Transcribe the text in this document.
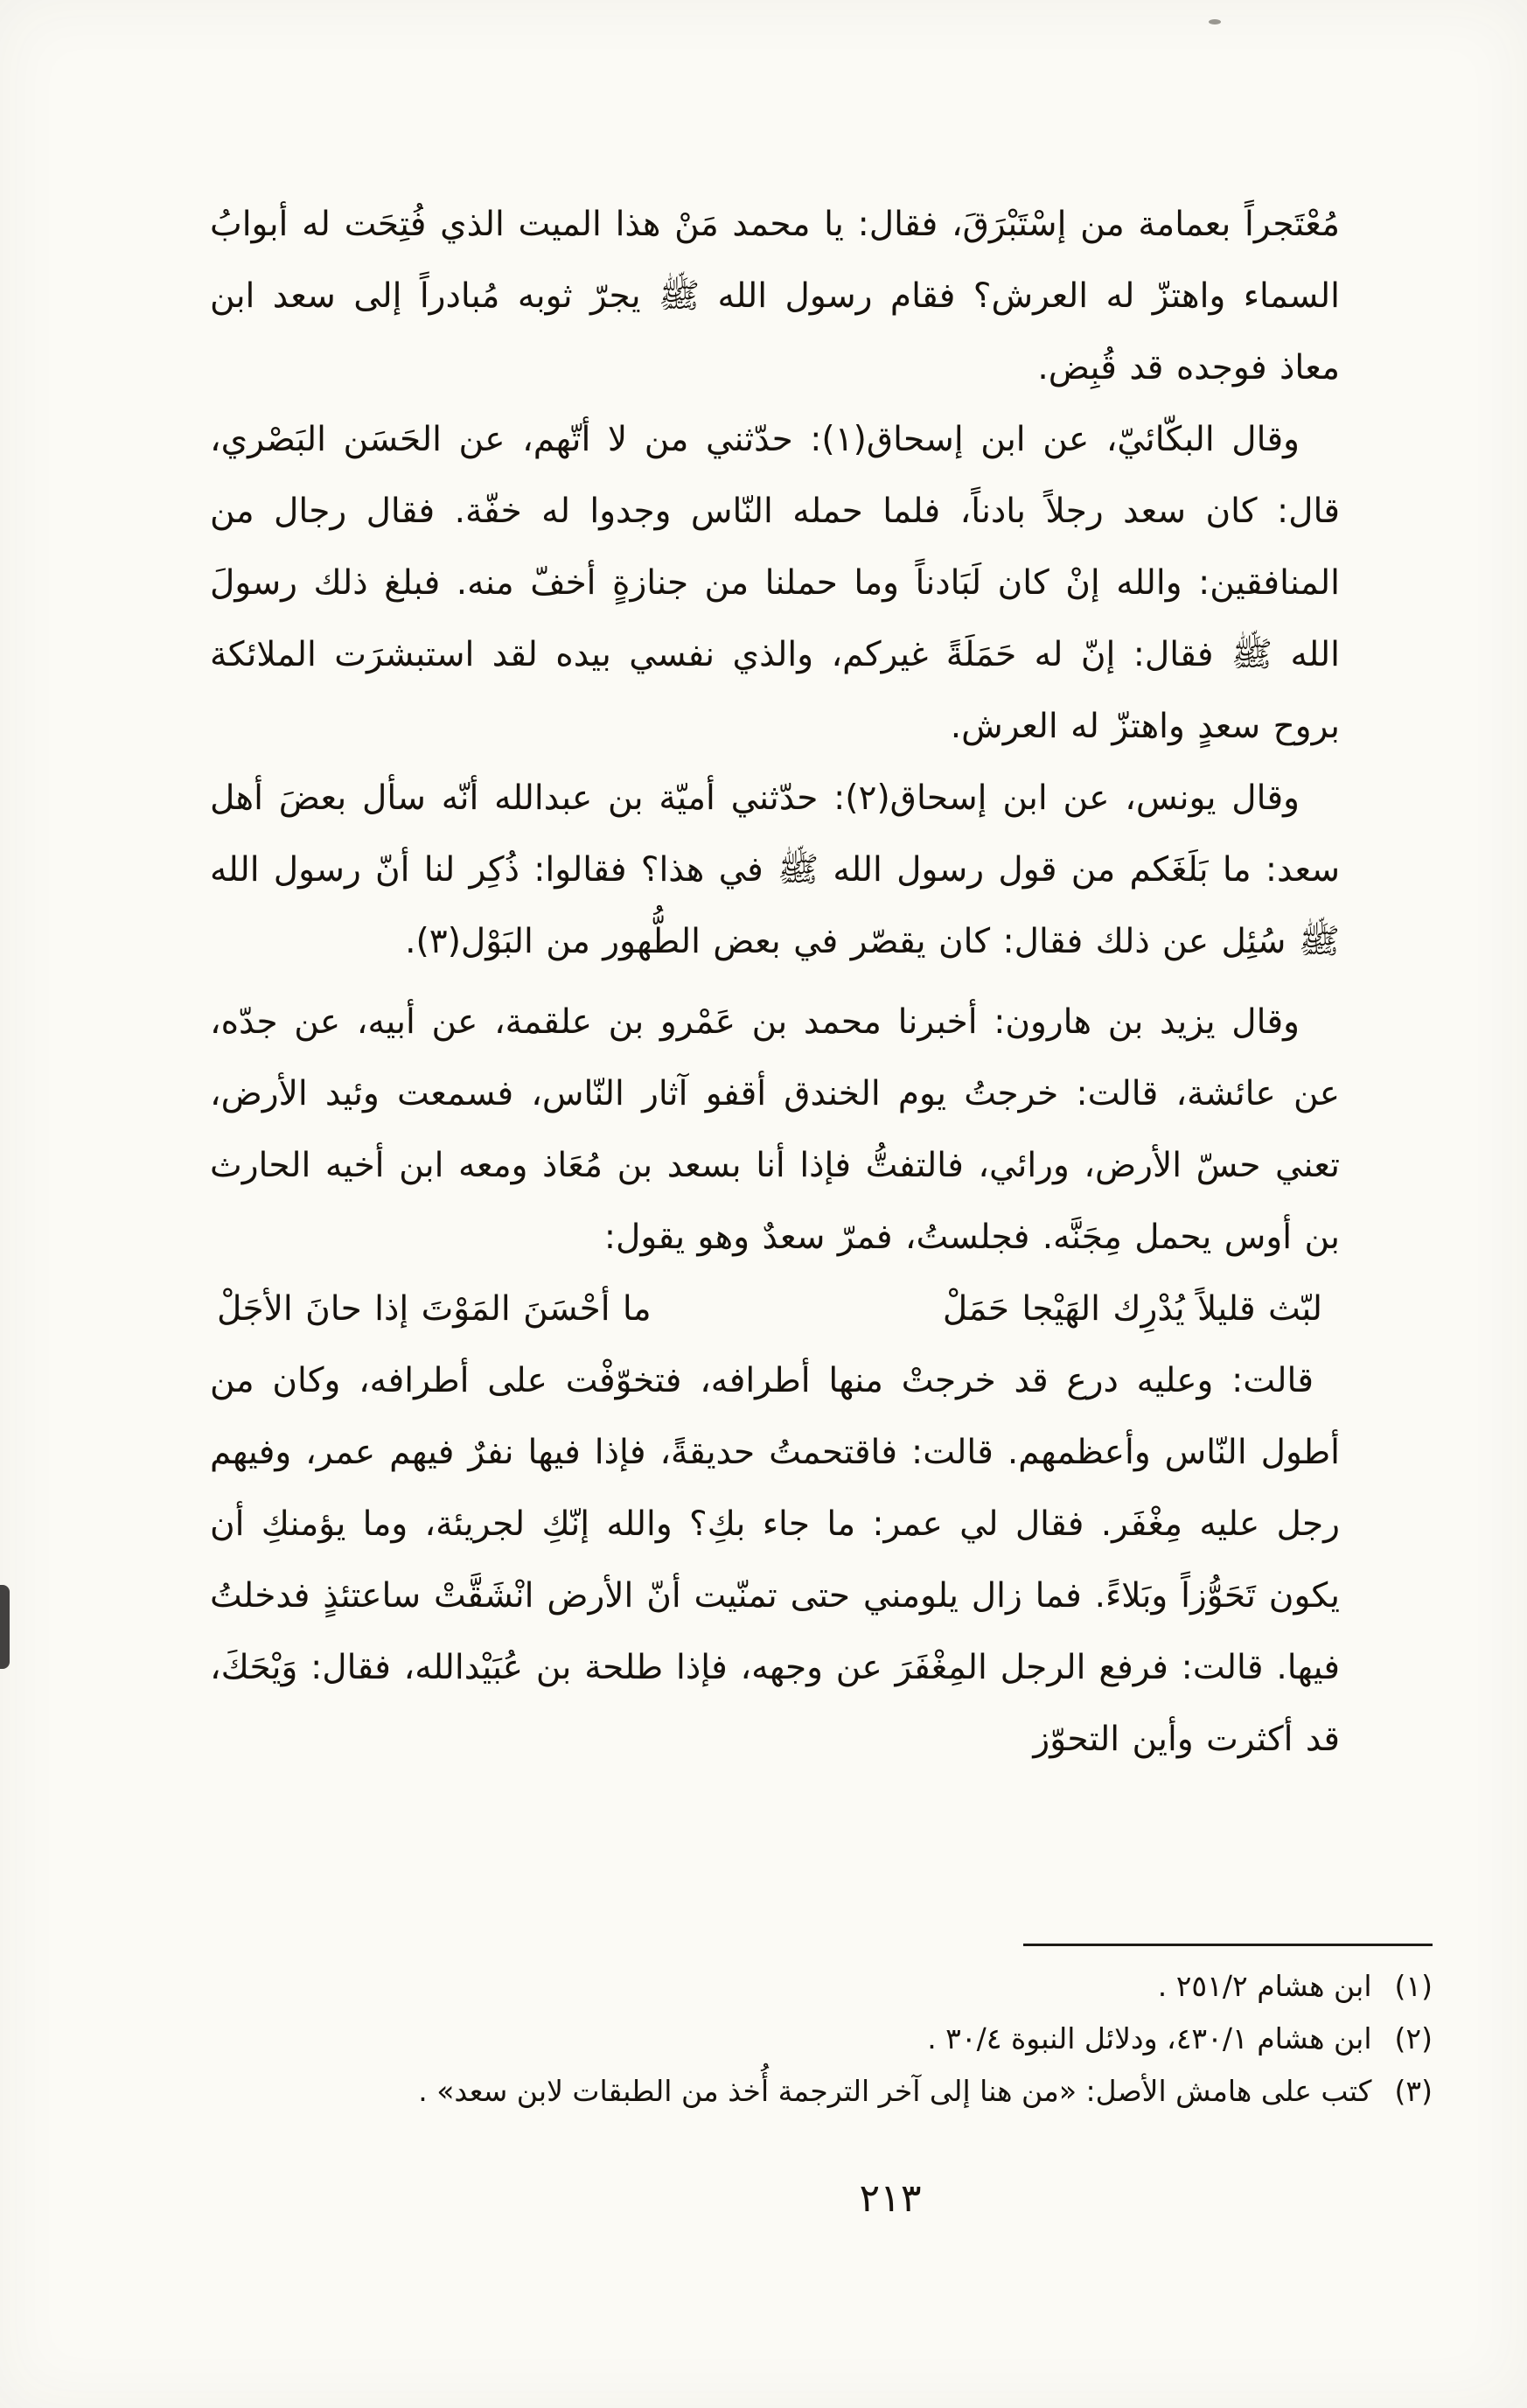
مُعْتَجراً بعمامة من إسْتَبْرَقَ، فقال: يا محمد مَنْ هذا الميت الذي فُتِحَت له أبوابُ السماء واهتزّ له العرش؟ فقام رسول الله ﷺ يجرّ ثوبه مُبادراً إلى سعد ابن معاذ فوجده قد قُبِض.

وقال البكّائيّ، عن ابن إسحاق(١): حدّثني من لا أتّهم، عن الحَسَن البَصْري، قال: كان سعد رجلاً بادناً، فلما حمله النّاس وجدوا له خفّة. فقال رجال من المنافقين: والله إنْ كان لَبَادناً وما حملنا من جنازةٍ أخفّ منه. فبلغ ذلك رسولَ الله ﷺ فقال: إنّ له حَمَلَةً غيركم، والذي نفسي بيده لقد استبشرَت الملائكة بروح سعدٍ واهتزّ له العرش.

وقال يونس، عن ابن إسحاق(٢): حدّثني أميّة بن عبدالله أنّه سأل بعضَ أهل سعد: ما بَلَغَكم من قول رسول الله ﷺ في هذا؟ فقالوا: ذُكِر لنا أنّ رسول الله ﷺ سُئِل عن ذلك فقال: كان يقصّر في بعض الطُّهور من البَوْل(٣).

وقال يزيد بن هارون: أخبرنا محمد بن عَمْرو بن علقمة، عن أبيه، عن جدّه، عن عائشة، قالت: خرجتُ يوم الخندق أقفو آثار النّاس، فسمعت وئيد الأرض، تعني حسّ الأرض، ورائي، فالتفتُّ فإذا أنا بسعد بن مُعَاذ ومعه ابن أخيه الحارث بن أوس يحمل مِجَنَّه. فجلستُ، فمرّ سعدٌ وهو يقول:

لبّث قليلاً يُدْرِك الهَيْجا حَمَلْ
ما أحْسَنَ المَوْتَ إذا حانَ الأجَلْ

قالت: وعليه درع قد خرجتْ منها أطرافه، فتخوّفْت على أطرافه، وكان من أطول النّاس وأعظمهم. قالت: فاقتحمتُ حديقةً، فإذا فيها نفرٌ فيهم عمر، وفيهم رجل عليه مِغْفَر. فقال لي عمر: ما جاء بكِ؟ والله إنّكِ لجريئة، وما يؤمنكِ أن يكون تَحَوُّزاً وبَلاءً. فما زال يلومني حتى تمنّيت أنّ الأرض انْشَقَّتْ ساعتئذٍ فدخلتُ فيها. قالت: فرفع الرجل المِغْفَرَ عن وجهه، فإذا طلحة بن عُبَيْدالله، فقال: وَيْحَكَ، قد أكثرت وأين التحوّز

(١)
ابن هشام ٢٥١/٢ .
(٢)
ابن هشام ٤٣٠/١، ودلائل النبوة ٣٠/٤ .
(٣)
كتب على هامش الأصل: «من هنا إلى آخر الترجمة أُخذ من الطبقات لابن سعد» .
٢١٣
